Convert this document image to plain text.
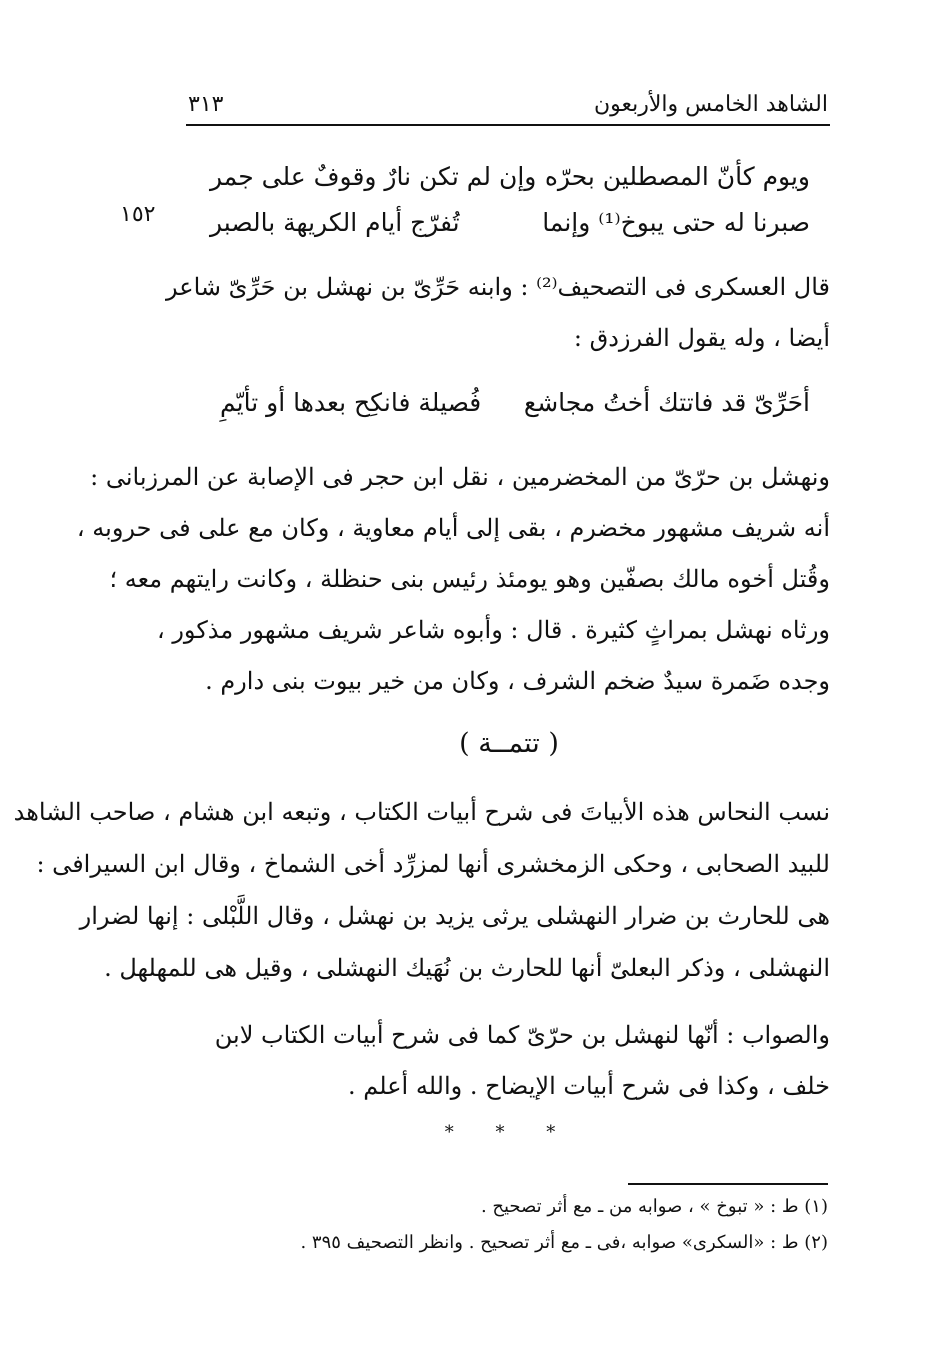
الشاهد الخامس والأربعون
٣١٣
ويوم كأنّ المصطلين بحرّه
وإن لم تكن نارٌ وقوفٌ على جمر
صبرنا له حتى يبوخ⁽¹⁾ وإنما
تُفرّج أيام الكريهة بالصبر
١٥٢

قال العسكرى فى التصحيف⁽²⁾ : وابنه حَرِّىّ بن نهشل بن حَرِّىّ شاعر

أيضا ، وله يقول الفرزدق :

أحَرِّىّ قد فاتتك أختُ مجاشع
فُصيلة فانكِح بعدها أو تأيّمِ

ونهشل بن حرّىّ من المخضرمين ، نقل ابن حجر فى الإصابة عن المرزبانى :

أنه شريف مشهور مخضرم ، بقى إلى أيام معاوية ، وكان مع على فى حروبه ،

وقُتل أخوه مالك بصفّين وهو يومئذ رئيس بنى حنظلة ، وكانت رايتهم معه ؛

ورثاه نهشل بمراثٍ كثيرة . قال : وأبوه شاعر شريف مشهور مذكور ،

وجده ضَمرة سيدٌ ضخم الشرف ، وكان من خير بيوت بنى دارم .

( تتمــة )

نسب النحاس هذه الأبياتَ فى شرح أبيات الكتاب ، وتبعه ابن هشام ، صاحب الشاهد

للبيد الصحابى ، وحكى الزمخشرى أنها لمزرِّد أخى الشماخ ، وقال ابن السيرافى :

هى للحارث بن ضرار النهشلى يرثى يزيد بن نهشل ، وقال اللَّبْلى : إنها لضرار

النهشلى ، وذكر البعلىّ أنها للحارث بن نُهَيك النهشلى ، وقيل هى للمهلهل .

والصواب : أنّها لنهشل بن حرّىّ كما فى شرح أبيات الكتاب لابن

خلف ، وكذا فى شرح أبيات الإيضاح . والله أعلم .

* * *
(١) ط : « تبوخ » ، صوابه من ـ مع أثر تصحيح .
(٢) ط : «السكرى» صوابه ،فى ـ مع أثر تصحيح . وانظر التصحيف ٣٩٥ .
